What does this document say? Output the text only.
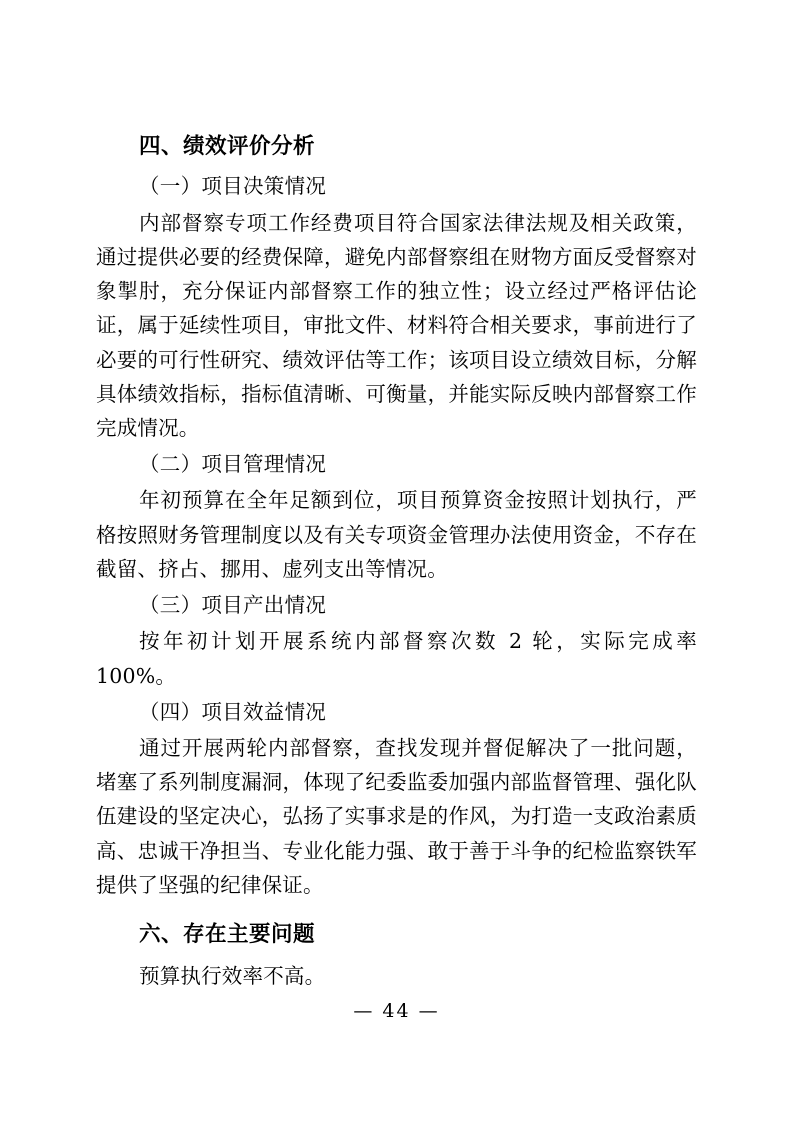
四、绩效评价分析

（一）项目决策情况

内部督察专项工作经费项目符合国家法律法规及相关政策，通过提供必要的经费保障，避免内部督察组在财物方面反受督察对象掣肘，充分保证内部督察工作的独立性；设立经过严格评估论证，属于延续性项目，审批文件、材料符合相关要求，事前进行了必要的可行性研究、绩效评估等工作；该项目设立绩效目标，分解具体绩效指标，指标值清晰、可衡量，并能实际反映内部督察工作完成情况。

（二）项目管理情况

年初预算在全年足额到位，项目预算资金按照计划执行，严格按照财务管理制度以及有关专项资金管理办法使用资金，不存在截留、挤占、挪用、虚列支出等情况。

（三）项目产出情况

按年初计划开展系统内部督察次数 2 轮，实际完成率 100%。

（四）项目效益情况

通过开展两轮内部督察，查找发现并督促解决了一批问题，堵塞了系列制度漏洞，体现了纪委监委加强内部监督管理、强化队伍建设的坚定决心，弘扬了实事求是的作风，为打造一支政治素质高、忠诚干净担当、专业化能力强、敢于善于斗争的纪检监察铁军提供了坚强的纪律保证。

六、存在主要问题

预算执行效率不高。

— 44 —
